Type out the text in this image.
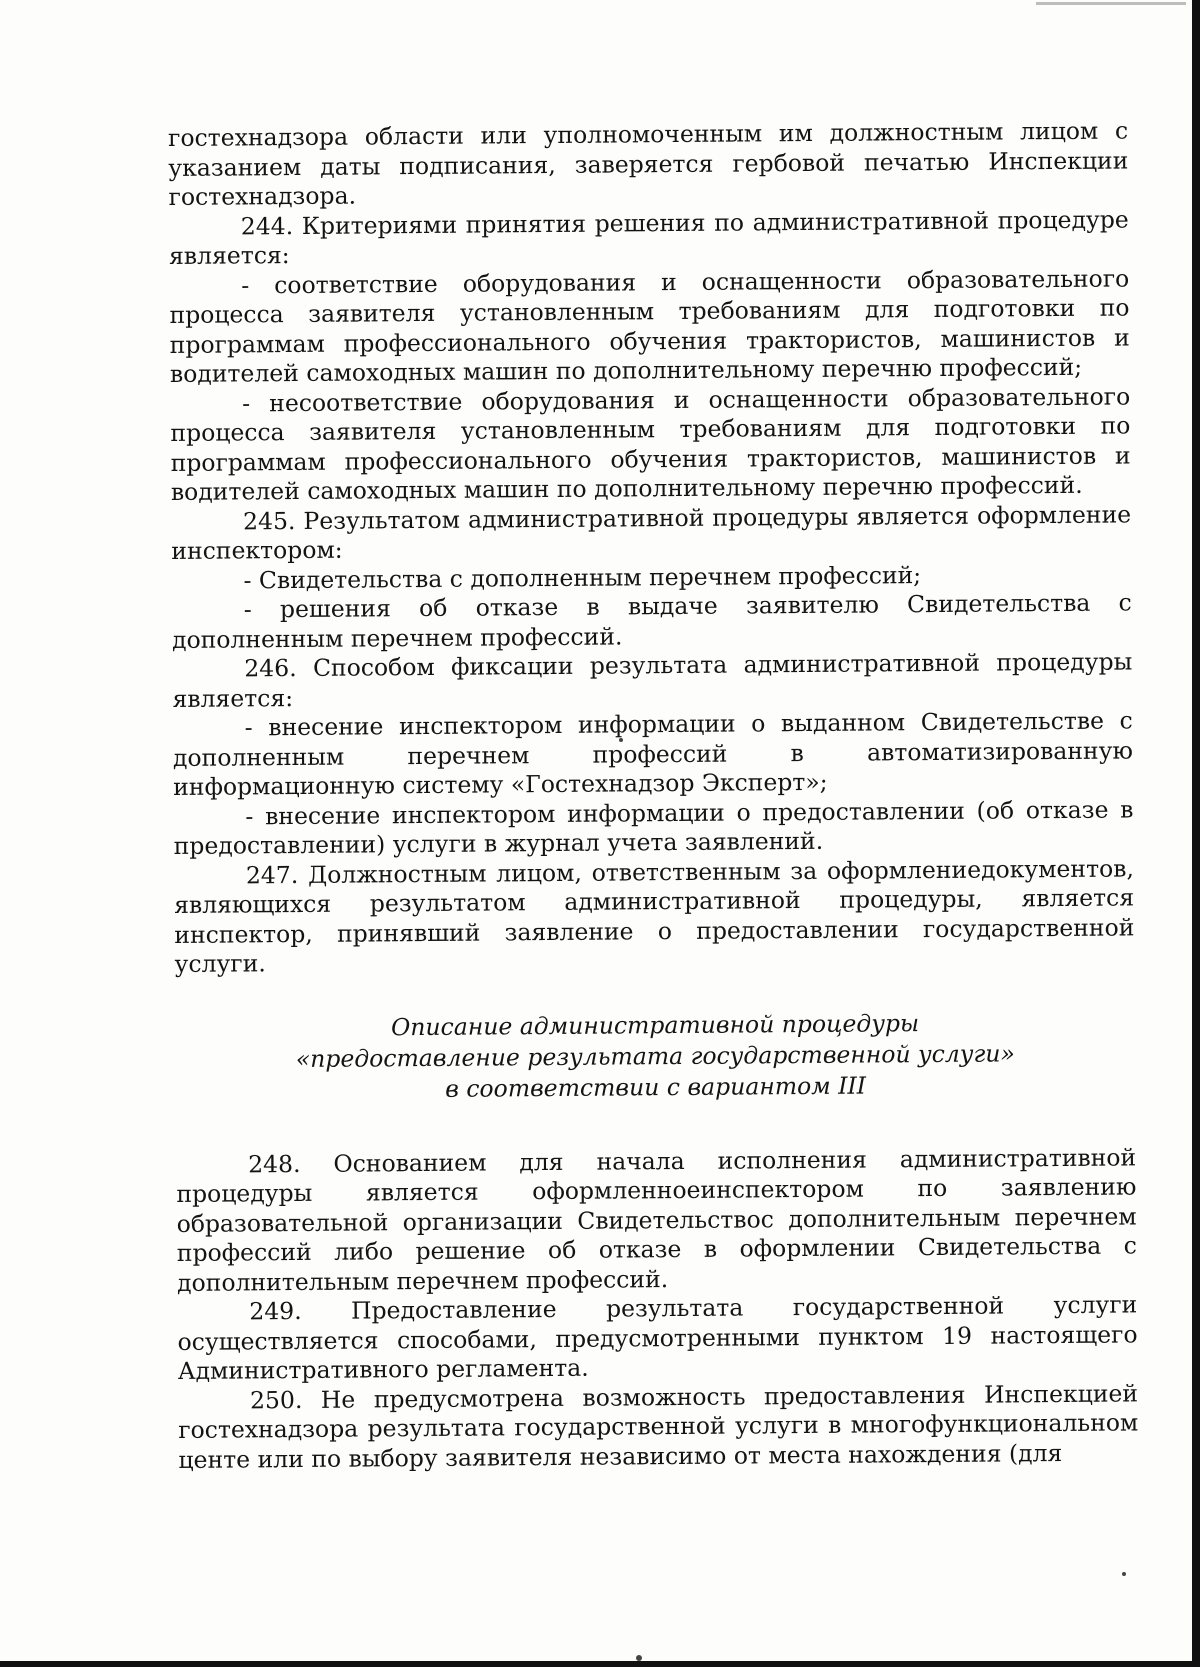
гостехнадзора области или уполномоченным им должностным лицом с указанием даты подписания, заверяется гербовой печатью Инспекции гостехнадзора.

244. Критериями принятия решения по административной процедуре является:

- соответствие оборудования и оснащенности образовательного процесса заявителя установленным требованиям для подготовки по программам профессионального обучения трактористов, машинистов и водителей самоходных машин по дополнительному перечню профессий;

- несоответствие оборудования и оснащенности образовательного процесса заявителя установленным требованиям для подготовки по программам профессионального обучения трактористов, машинистов и водителей самоходных машин по дополнительному перечню профессий.

245. Результатом административной процедуры является оформление инспектором:

- Свидетельства с дополненным перечнем профессий;

- решения об отказе в выдаче заявителю Свидетельства с дополненным перечнем профессий.

246. Способом фиксации результата административной процедуры является:

- внесение инспектором информации о выданном Свидетельстве с дополненным перечнем профессий в автоматизированную информационную систему «Гостехнадзор Эксперт»;

- внесение инспектором информации о предоставлении (об отказе в предоставлении) услуги в журнал учета заявлений.

247. Должностным лицом, ответственным за оформлениедокументов, являющихся результатом административной процедуры, является инспектор, принявший заявление о предоставлении государственной услуги.

Описание административной процедуры
«предоставление результата государственной услуги»
в соответствии с вариантом III

248. Основанием для начала исполнения административной процедуры является оформленноеинспектором по заявлению образовательной организации Свидетельствос дополнительным перечнем профессий либо решение об отказе в оформлении Свидетельства с дополнительным перечнем профессий.

249. Предоставление результата государственной услуги осуществляется способами, предусмотренными пунктом 19 настоящего Административного регламента.

250. Не предусмотрена возможность предоставления Инспекцией гостехнадзора результата государственной услуги в многофункциональном центе или по выбору заявителя независимо от места нахождения (для
